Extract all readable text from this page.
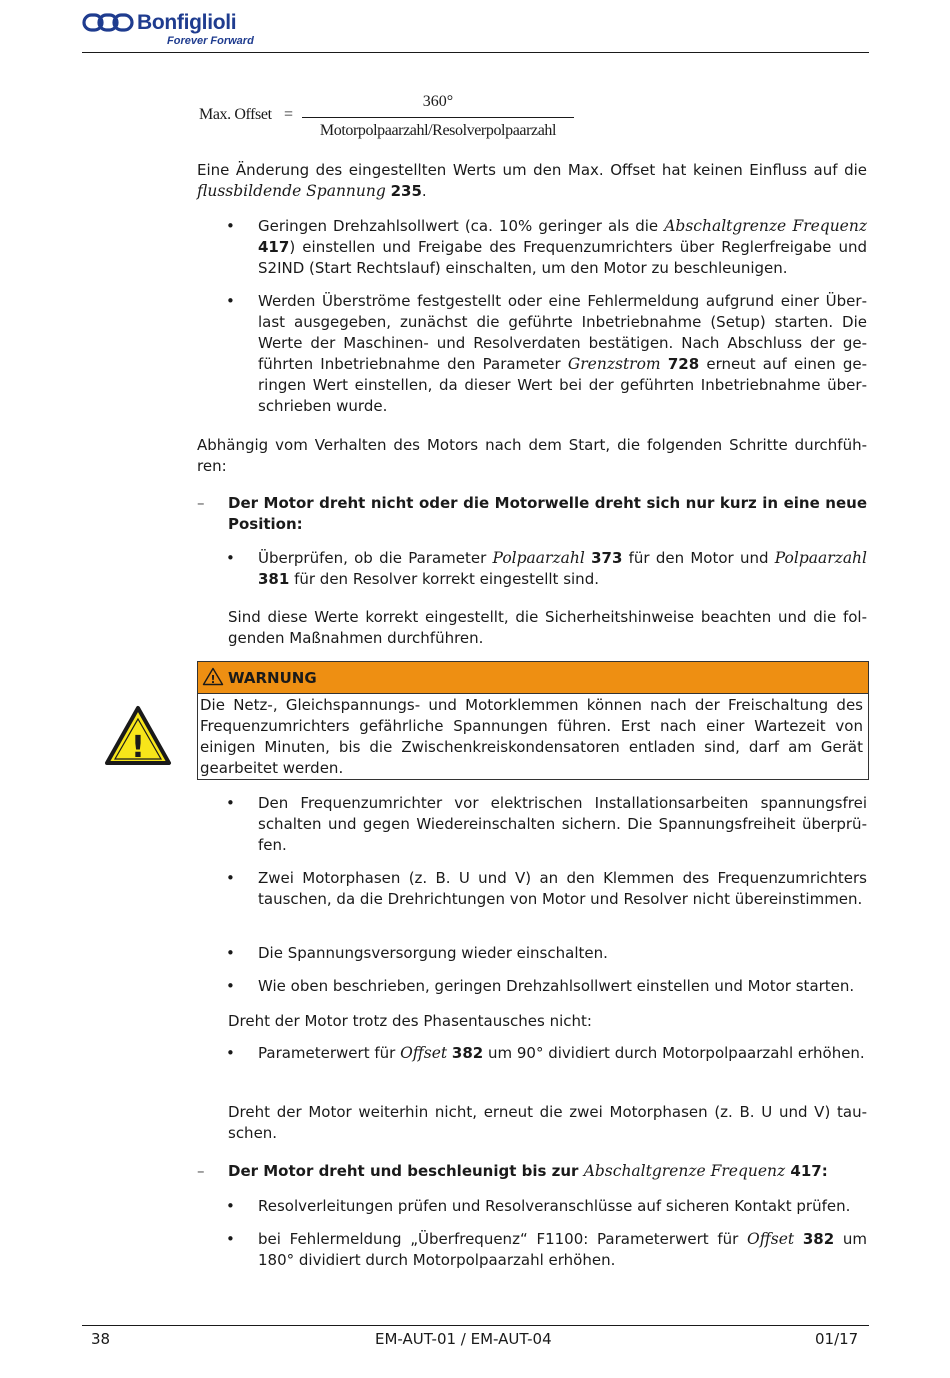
Bonfiglioli
Forever Forward
Max. Offset =
360°
Motorpolpaarzahl/Resolverpolpaarzahl
Eine Änderung des eingestellten Werts um den Max. Offset hat keinen Einfluss auf die flussbildende Spannung 235.
• Geringen Drehzahlsollwert (ca. 10% geringer als die Abschaltgrenze Frequenz 417) einstellen und Freigabe des Frequenzumrichters über Reglerfreigabe und S2IND (Start Rechtslauf) einschalten, um den Motor zu beschleunigen.
• Werden Überströme festgestellt oder eine Fehlermeldung aufgrund einer Überlast ausgegeben, zunächst die geführte Inbetriebnahme (Setup) starten. Die Werte der Maschinen- und Resolverdaten bestätigen. Nach Abschluss der geführten Inbetriebnahme den Parameter Grenzstrom 728 erneut auf einen geringen Wert einstellen, da dieser Wert bei der geführten Inbetriebnahme überschrieben wurde.
Abhängig vom Verhalten des Motors nach dem Start, die folgenden Schritte durchführen:
– Der Motor dreht nicht oder die Motorwelle dreht sich nur kurz in eine neue Position:
• Überprüfen, ob die Parameter Polpaarzahl 373 für den Motor und Polpaarzahl 381 für den Resolver korrekt eingestellt sind.
Sind diese Werte korrekt eingestellt, die Sicherheitshinweise beachten und die folgenden Maßnahmen durchführen.
!
! WARNUNG
Die Netz-, Gleichspannungs- und Motorklemmen können nach der Freischaltung des Frequenzumrichters gefährliche Spannungen führen. Erst nach einer Wartezeit von einigen Minuten, bis die Zwischenkreiskondensatoren entladen sind, darf am Gerät gearbeitet werden.
• Den Frequenzumrichter vor elektrischen Installationsarbeiten spannungsfrei schalten und gegen Wiedereinschalten sichern. Die Spannungsfreiheit überprüfen.
• Zwei Motorphasen (z. B. U und V) an den Klemmen des Frequenzumrichters tauschen, da die Drehrichtungen von Motor und Resolver nicht übereinstimmen.
• Die Spannungsversorgung wieder einschalten.
• Wie oben beschrieben, geringen Drehzahlsollwert einstellen und Motor starten.
Dreht der Motor trotz des Phasentausches nicht:
• Parameterwert für Offset 382 um 90° dividiert durch Motorpolpaarzahl erhöhen.
Dreht der Motor weiterhin nicht, erneut die zwei Motorphasen (z. B. U und V) tauschen.
– Der Motor dreht und beschleunigt bis zur Abschaltgrenze Frequenz 417:
• Resolverleitungen prüfen und Resolveranschlüsse auf sicheren Kontakt prüfen.
• bei Fehlermeldung „Überfrequenz“ F1100: Parameterwert für Offset 382 um 180° dividiert durch Motorpolpaarzahl erhöhen.
38	EM-AUT-01 / EM-AUT-04	01/17
